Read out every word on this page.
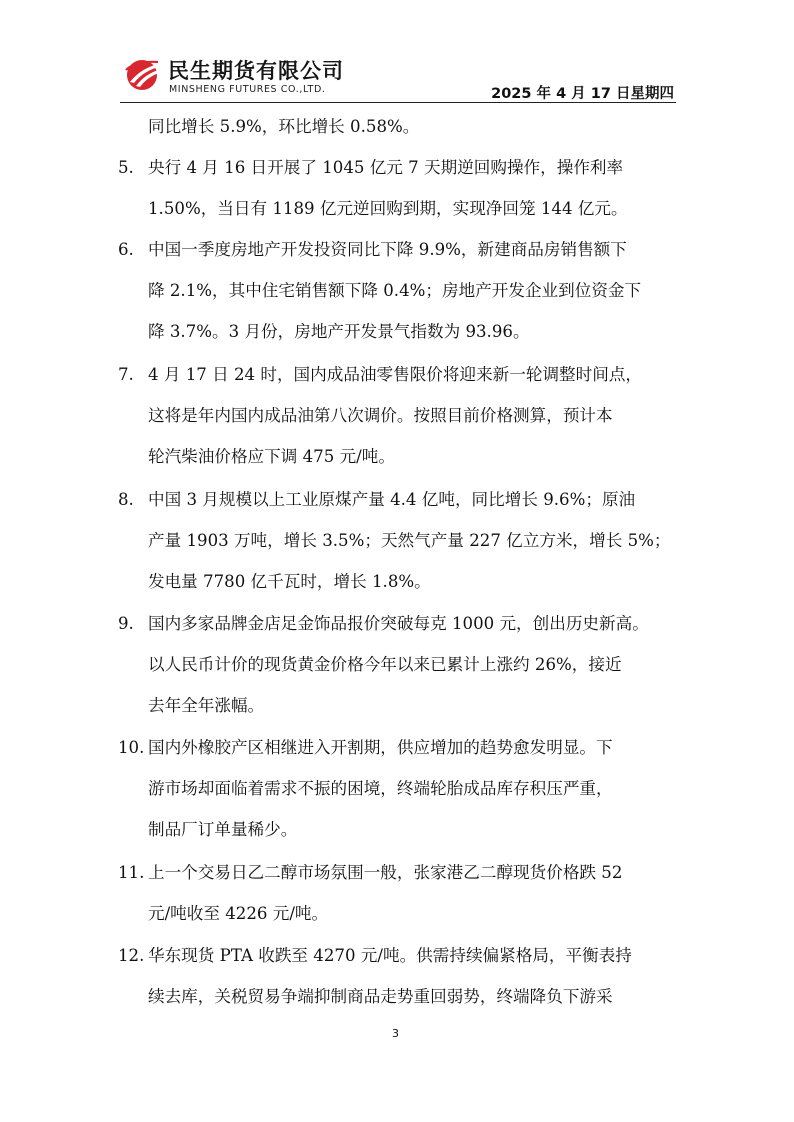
民生期货有限公司
MINSHENG FUTURES CO.,LTD.	2025 年 4 月 17 日星期四
同比增长 5.9%，环比增长 0.58%。
5. 央行 4 月 16 日开展了 1045 亿元 7 天期逆回购操作，操作利率
1.50%，当日有 1189 亿元逆回购到期，实现净回笼 144 亿元。
6. 中国一季度房地产开发投资同比下降 9.9%，新建商品房销售额下
降 2.1%，其中住宅销售额下降 0.4%；房地产开发企业到位资金下
降 3.7%。3 月份，房地产开发景气指数为 93.96。
7. 4 月 17 日 24 时，国内成品油零售限价将迎来新一轮调整时间点，
这将是年内国内成品油第八次调价。按照目前价格测算，预计本
轮汽柴油价格应下调 475 元/吨。
8. 中国 3 月规模以上工业原煤产量 4.4 亿吨，同比增长 9.6%；原油
产量 1903 万吨，增长 3.5%；天然气产量 227 亿立方米，增长 5%；
发电量 7780 亿千瓦时，增长 1.8%。
9. 国内多家品牌金店足金饰品报价突破每克 1000 元，创出历史新高。
以人民币计价的现货黄金价格今年以来已累计上涨约 26%，接近
去年全年涨幅。
10. 国内外橡胶产区相继进入开割期，供应增加的趋势愈发明显。下
游市场却面临着需求不振的困境，终端轮胎成品库存积压严重，
制品厂订单量稀少。
11. 上一个交易日乙二醇市场氛围一般，张家港乙二醇现货价格跌 52
元/吨收至 4226 元/吨。
12. 华东现货 PTA 收跌至 4270 元/吨。供需持续偏紧格局，平衡表持
续去库，关税贸易争端抑制商品走势重回弱势，终端降负下游采
3
